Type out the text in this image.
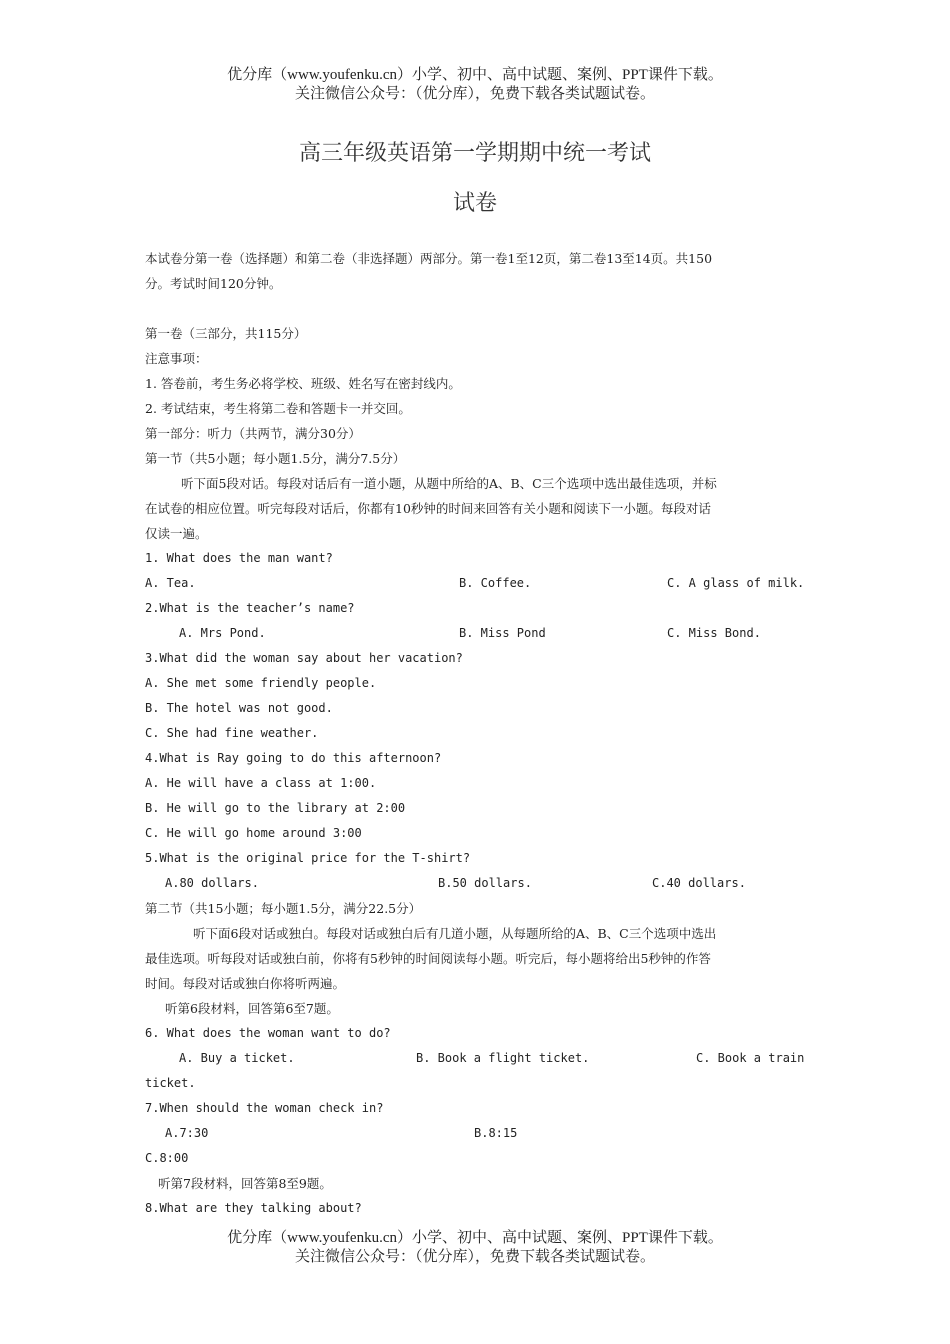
优分库（www.youfenku.cn）小学、初中、高中试题、案例、PPT课件下载。
关注微信公众号：（优分库），免费下载各类试题试卷。
高三年级英语第一学期期中统一考试
试卷
本试卷分第一卷（选择题）和第二卷（非选择题）两部分。第一卷1至12页，第二卷13至14页。共150
分。考试时间120分钟。
第一卷（三部分，共115分）
注意事项：
1. 答卷前，考生务必将学校、班级、姓名写在密封线内。
2. 考试结束，考生将第二卷和答题卡一并交回。
第一部分：听力（共两节，满分30分）
第一节（共5小题；每小题1.5分，满分7.5分）
听下面5段对话。每段对话后有一道小题，从题中所给的A、B、C三个选项中选出最佳选项，并标
在试卷的相应位置。听完每段对话后，你都有10秒钟的时间来回答有关小题和阅读下一小题。每段对话
仅读一遍。
1. What does the man want?
A. Tea.	B. Coffee.	C. A glass of milk.
2.What is the teacher’s name?
A. Mrs Pond.	B. Miss Pond	C. Miss Bond.
3.What did the woman say about her vacation?
A. She met some friendly people.
B. The hotel was not good.
C. She had fine weather.
4.What is Ray going to do this afternoon?
A. He will have a class at 1:00.
B. He will go to the library at 2:00
C. He will go home around 3:00
5.What is the original price for the T-shirt?
A.80 dollars.	B.50 dollars.	C.40 dollars.
第二节（共15小题；每小题1.5分，满分22.5分）
听下面6段对话或独白。每段对话或独白后有几道小题，从每题所给的A、B、C三个选项中选出
最佳选项。听每段对话或独白前，你将有5秒钟的时间阅读每小题。听完后，每小题将给出5秒钟的作答
时间。每段对话或独白你将听两遍。
听第6段材料，回答第6至7题。
6. What does the woman want to do?
A. Buy a ticket.	B. Book a flight ticket.	C. Book a train
ticket.
7.When should the woman check in?
A.7:30	B.8:15
C.8:00
听第7段材料，回答第8至9题。
8.What are they talking about?
优分库（www.youfenku.cn）小学、初中、高中试题、案例、PPT课件下载。
关注微信公众号：（优分库），免费下载各类试题试卷。
